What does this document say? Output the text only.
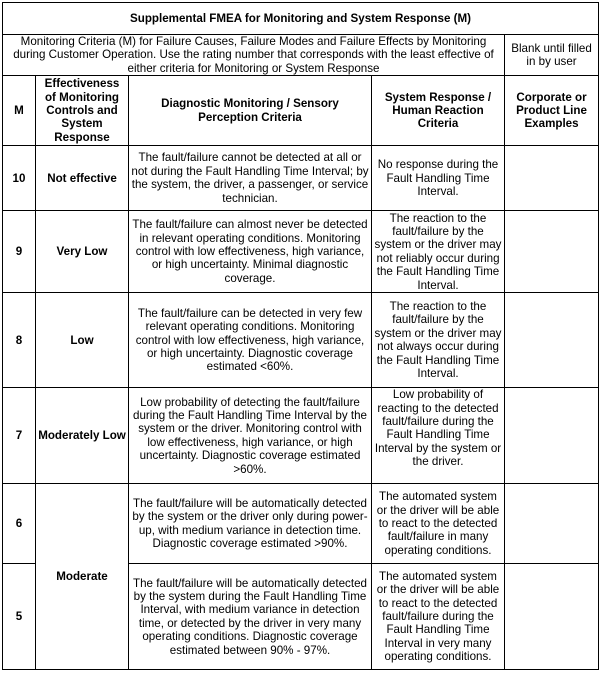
Supplemental FMEA for Monitoring and System Response (M)				
Monitoring Criteria (M) for Failure Causes, Failure Modes and Failure Effects by Monitoring during Customer Operation. Use the rating number that corresponds with the least effective of either criteria for Monitoring or System Response				Blank until filled in by user
M	Effectiveness of Monitoring Controls and System Response	Diagnostic Monitoring / Sensory Perception Criteria	System Response / Human Reaction Criteria	Corporate or Product Line Examples
10	Not effective	The fault/failure cannot be detected at all or not during the Fault Handling Time Interval; by the system, the driver, a passenger, or service technician.	No response during the Fault Handling Time Interval.	
9	Very Low	The fault/failure can almost never be detected in relevant operating conditions. Monitoring control with low effectiveness, high variance, or high uncertainty. Minimal diagnostic coverage.	The reaction to the fault/failure by the system or the driver may not reliably occur during the Fault Handling Time Interval.	
8	Low	The fault/failure can be detected in very few relevant operating conditions. Monitoring control with low effectiveness, high variance, or high uncertainty. Diagnostic coverage estimated <60%.	The reaction to the fault/failure by the system or the driver may not always occur during the Fault Handling Time Interval.	
7	Moderately Low	Low probability of detecting the fault/failure during the Fault Handling Time Interval by the system or the driver. Monitoring control with low effectiveness, high variance, or high uncertainty. Diagnostic coverage estimated >60%.	Low probability of reacting to the detected fault/failure during the Fault Handling Time Interval by the system or the driver.	
6	Moderate	The fault/failure will be automatically detected by the system or the driver only during power-up, with medium variance in detection time. Diagnostic coverage estimated >90%.	The automated system or the driver will be able to react to the detected fault/failure in many operating conditions.	
5		The fault/failure will be automatically detected by the system during the Fault Handling Time Interval, with medium variance in detection time, or detected by the driver in very many operating conditions. Diagnostic coverage estimated between 90% - 97%.	The automated system or the driver will be able to react to the detected fault/failure during the Fault Handling Time Interval in very many operating conditions.	
